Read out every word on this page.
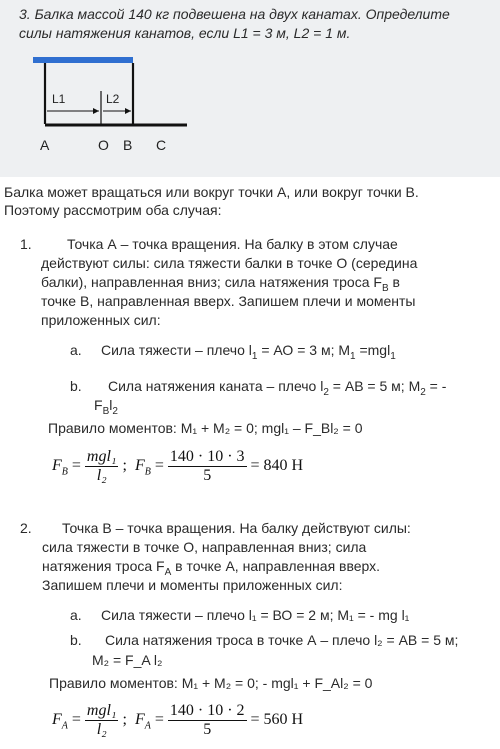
3. Балка массой 140 кг подвешена на двух канатах. Определите
силы натяжения канатов, если L1 = 3 м, L2 = 1 м.
L1	L2
A	O B C
Балка может вращаться или вокруг точки А, или вокруг точки В.
Поэтому рассмотрим оба случая:
1.	Точка А – точка вращения. На балку в этом случае
действуют силы: сила тяжести балки в точке О (середина
балки), направленная вниз; сила натяжения троса $F_B$ в
точке В, направленная вверх. Запишем плечи и моменты
приложенных сил:
a. Сила тяжести – плечо $l_1$ = АО = 3 м; $М_1 =mgl_1$
b. Сила натяжения каната – плечо $l_2$ = АВ = 5 м; $М_2$ = -
$F_Bl_2$
Правило моментов: M₁ + M₂ = 0; mgl₁ – F_Bl₂ = 0
$F_B = \frac{\text{mgl₁}}{\text{l₂}}$ ;  $F_B = \frac{140 \cdot 10 \cdot 3}{5} = 840$ H
2.	Точка В – точка вращения. На балку действуют силы:
сила тяжести в точке О, направленная вниз; сила
натяжения троса $F_A$ в точке А, направленная вверх.
Запишем плечи и моменты приложенных сил:
a. Сила тяжести – плечо l₁ = ВО = 2 м; M₁ = - mg l₁
b. Сила натяжения троса в точке А – плечо l₂ = АВ = 5 м;
M₂ = F_A l₂
Правило моментов: M₁ + M₂ = 0; - mgl₁ + F_Al₂ = 0
$F_A = \frac{\text{mgl₁}}{\text{l₂}}$ ;  $F_A = \frac{140 \cdot 10 \cdot 2}{5} = 560$ H
